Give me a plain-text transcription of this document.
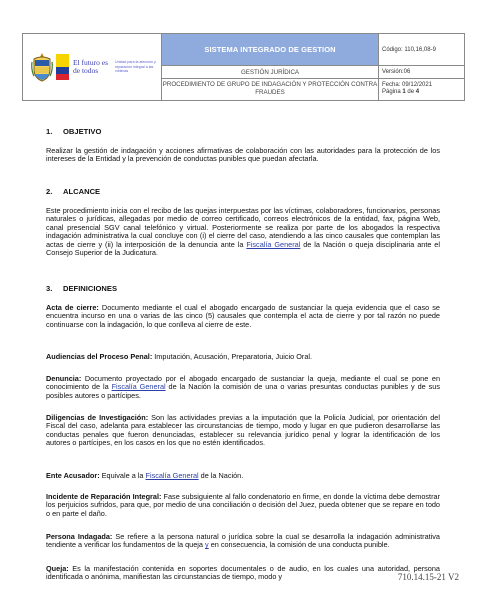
El futuro es de todos
Unidad para la atención y reparación integral a las víctimas	SISTEMA INTEGRADO DE GESTION	Código: 110,16,08-9
	GESTIÓN JURÍDICA	Versión:06
	PROCEDIMIENTO DE GRUPO DE INDAGACIÓN Y PROTECCIÓN CONTRA FRAUDES	Fecha: 09/12/2021
Página 1 de 4
1. OBJETIVO

Realizar la gestión de indagación y acciones afirmativas de colaboración con las autoridades para la protección de los intereses de la Entidad y la prevención de conductas punibles que puedan afectarla.

2. ALCANCE

Este procedimiento inicia con el recibo de las quejas interpuestas por las víctimas, colaboradores, funcionarios, personas naturales o jurídicas, allegadas por medio de correo certificado, correos electrónicos de la entidad, fax, página Web, canal presencial SGV canal telefónico y virtual. Posteriormente se realiza por parte de los abogados la respectiva indagación administrativa la cual concluye con (i) el cierre del caso, atendiendo a las cinco causales que contemplan las actas de cierre y (ii) la interposición de la denuncia ante la Fiscalía General de la Nación o queja disciplinaria ante el Consejo Superior de la Judicatura.

3. DEFINICIONES

Acta de cierre: Documento mediante el cual el abogado encargado de sustanciar la queja evidencia que el caso se encuentra incurso en una o varias de las cinco (5) causales que contempla el acta de cierre y por tal razón no puede continuarse con la indagación, lo que conlleva al cierre de este.

Audiencias del Proceso Penal: Imputación, Acusación, Preparatoria, Juicio Oral.

Denuncia: Documento proyectado por el abogado encargado de sustanciar la queja, mediante el cual se pone en conocimiento de la Fiscalía General de la Nación la comisión de una o varias presuntas conductas punibles y de sus posibles autores o partícipes.

Diligencias de Investigación: Son las actividades previas a la imputación que la Policía Judicial, por orientación del Fiscal del caso, adelanta para establecer las circunstancias de tiempo, modo y lugar en que pudieron desarrollarse las conductas penales que fueron denunciadas, establecer su relevancia jurídico penal y lograr la identificación de los autores o partícipes, en los casos en los que no estén identificados.

Ente Acusador: Equivale a la Fiscalía General de la Nación.

Incidente de Reparación Integral: Fase subsiguiente al fallo condenatorio en firme, en donde la víctima debe demostrar los perjuicios sufridos, para que, por medio de una conciliación o decisión del Juez, pueda obtener que se repare en todo o en parte el daño.

Persona Indagada: Se refiere a la persona natural o jurídica sobre la cual se desarrolla la indagación administrativa tendiente a verificar los fundamentos de la queja y en consecuencia, la comisión de una conducta punible.

Queja: Es la manifestación contenida en soportes documentales o de audio, en los cuales una autoridad, persona identificada o anónima, manifiestan las circunstancias de tiempo, modo y	710.14.15-21 V2
